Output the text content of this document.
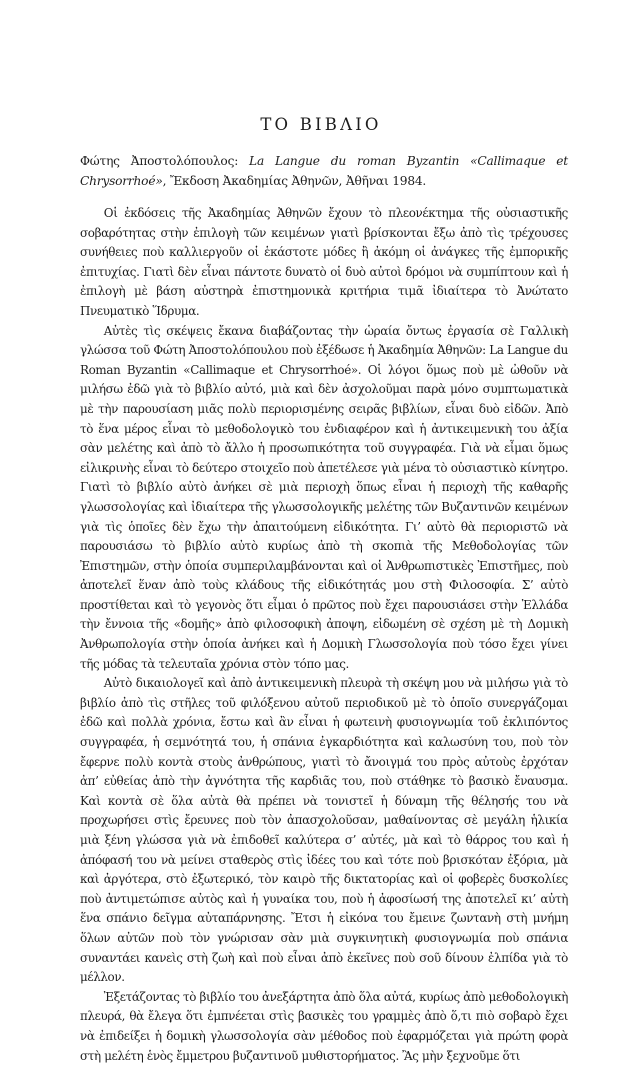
ΤΟ ΒΙΒΛΙΟ

Φώτης Ἀποστολόπουλος: La Langue du roman Byzantin «Callimaque et Chrysorrhoé», Ἔκδοση Ἀκαδημίας Ἀθηνῶν, Ἀθῆναι 1984.

Οἱ ἐκδόσεις τῆς Ἀκαδημίας Ἀθηνῶν ἔχουν τὸ πλεονέκτημα τῆς οὐσιαστικῆς σοβαρότητας στὴν ἐπιλογὴ τῶν κειμένων γιατὶ βρίσκονται ἔξω ἀπὸ τὶς τρέχουσες συνήθειες ποὺ καλλιεργοῦν οἱ ἑκάστοτε μόδες ἢ ἀκόμη οἱ ἀνάγκες τῆς ἐμπορικῆς ἐπιτυχίας. Γιατὶ δὲν εἶναι πάντοτε δυνατὸ οἱ δυὸ αὐτοὶ δρόμοι νὰ συμπίπτουν καὶ ἡ ἐπιλογὴ μὲ βάση αὐστηρὰ ἐπιστημονικὰ κριτήρια τιμᾶ ἰδιαίτερα τὸ Ἀνώτατο Πνευματικὸ Ἵδρυμα.

Αὐτὲς τὶς σκέψεις ἔκανα διαβάζοντας τὴν ὡραία ὄντως ἐργασία σὲ Γαλλικὴ γλώσσα τοῦ Φώτη Ἀποστολόπουλου ποὺ ἐξέδωσε ἡ Ἀκαδημία Ἀθηνῶν: La Langue du Roman Byzantin «Callimaque et Chrysorrhoé». Οἱ λόγοι ὅμως ποὺ μὲ ὠθοῦν νὰ μιλήσω ἐδῶ γιὰ τὸ βιβλίο αὐτό, μιὰ καὶ δὲν ἀσχολοῦμαι παρὰ μόνο συμπτωματικὰ μὲ τὴν παρουσίαση μιᾶς πολὺ περιορισμένης σειρᾶς βιβλίων, εἶναι δυὸ εἰδῶν. Ἀπὸ τὸ ἕνα μέρος εἶναι τὸ μεθοδολογικὸ του ἐνδιαφέρον καὶ ἡ ἀντικειμενικὴ του ἀξία σὰν μελέτης καὶ ἀπὸ τὸ ἄλλο ἡ προσωπικότητα τοῦ συγγραφέα. Γιὰ νὰ εἶμαι ὅμως εἰλικρινὴς εἶναι τὸ δεύτερο στοιχεῖο ποὺ ἀπετέλεσε γιὰ μένα τὸ οὐσιαστικὸ κίνητρο. Γιατὶ τὸ βιβλίο αὐτὸ ἀνήκει σὲ μιὰ περιοχὴ ὅπως εἶναι ἡ περιοχὴ τῆς καθαρῆς γλωσσολογίας καὶ ἰδιαίτερα τῆς γλωσσολογικῆς μελέτης τῶν Βυζαντινῶν κειμένων γιὰ τὶς ὁποῖες δὲν ἔχω τὴν ἀπαιτούμενη εἰδικότητα. Γι’ αὐτὸ θὰ περιοριστῶ νὰ παρουσιάσω τὸ βιβλίο αὐτὸ κυρίως ἀπὸ τὴ σκοπιὰ τῆς Μεθοδολογίας τῶν Ἐπιστημῶν, στὴν ὁποία συμπεριλαμβάνονται καὶ οἱ Ἀνθρωπιστικὲς Ἐπιστῆμες, ποὺ ἀποτελεῖ ἕναν ἀπὸ τοὺς κλάδους τῆς εἰδικότητάς μου στὴ Φιλοσοφία. Σ’ αὐτὸ προστίθεται καὶ τὸ γεγονὸς ὅτι εἶμαι ὁ πρῶτος ποὺ ἔχει παρουσιάσει στὴν Ἑλλάδα τὴν ἔννοια τῆς «δομῆς» ἀπὸ φιλοσοφικὴ ἀποψη, εἰδωμένη σὲ σχέση μὲ τὴ Δομικὴ Ἀνθρωπολογία στὴν ὁποία ἀνήκει καὶ ἡ Δομικὴ Γλωσσολογία ποὺ τόσο ἔχει γίνει τῆς μόδας τὰ τελευταῖα χρόνια στὸν τόπο μας.

Αὐτὸ δικαιολογεῖ καὶ ἀπὸ ἀντικειμενικὴ πλευρὰ τὴ σκέψη μου νὰ μιλήσω γιὰ τὸ βιβλίο ἀπὸ τὶς στῆλες τοῦ φιλόξενου αὐτοῦ περιοδικοῦ μὲ τὸ ὁποῖο συνεργάζομαι ἐδῶ καὶ πολλὰ χρόνια, ἔστω καὶ ἂν εἶναι ἡ φωτεινὴ φυσιογνωμία τοῦ ἐκλιπόντος συγγραφέα, ἡ σεμνότητά του, ἡ σπάνια ἐγκαρδιότητα καὶ καλωσύνη του, ποὺ τὸν ἔφερνε πολὺ κοντὰ στοὺς ἀνθρώπους, γιατὶ τὸ ἄνοιγμά του πρὸς αὐτοὺς ἐρχόταν ἀπ’ εὐθείας ἀπὸ τὴν ἀγνότητα τῆς καρδιᾶς του, ποὺ στάθηκε τὸ βασικὸ ἔναυσμα. Καὶ κοντὰ σὲ ὅλα αὐτὰ θὰ πρέπει νὰ τονιστεῖ ἡ δύναμη τῆς θέλησής του νὰ προχωρήσει στὶς ἔρευνες ποὺ τὸν ἀπασχολοῦσαν, μαθαίνοντας σὲ μεγάλη ἡλικία μιὰ ξένη γλώσσα γιὰ νὰ ἐπιδοθεῖ καλύτερα σ’ αὐτές, μὰ καὶ τὸ θάρρος του καὶ ἡ ἀπόφασή του νὰ μείνει σταθερὸς στὶς ἰδέες του καὶ τότε ποὺ βρισκόταν ἐξόρια, μὰ καὶ ἀργότερα, στὸ ἐξωτερικό, τὸν καιρὸ τῆς δικτατορίας καὶ οἱ φοβερὲς δυσκολίες ποὺ ἀντιμετώπισε αὐτὸς καὶ ἡ γυναίκα του, ποὺ ἡ ἀφοσίωσή της ἀποτελεῖ κι’ αὐτὴ ἕνα σπάνιο δεῖγμα αὐταπάρνησης. Ἔτσι ἡ εἰκόνα του ἔμεινε ζωντανὴ στὴ μνήμη ὅλων αὐτῶν ποὺ τὸν γνώρισαν σὰν μιὰ συγκινητικὴ φυσιογνωμία ποὺ σπάνια συναντάει κανεὶς στὴ ζωὴ καὶ ποὺ εἶναι ἀπὸ ἐκεῖνες ποὺ σοῦ δίνουν ἐλπίδα γιὰ τὸ μέλλον.

Ἐξετάζοντας τὸ βιβλίο του ἀνεξάρτητα ἀπὸ ὅλα αὐτά, κυρίως ἀπὸ μεθοδολογικὴ πλευρά, θὰ ἔλεγα ὅτι ἐμπνέεται στὶς βασικὲς του γραμμὲς ἀπὸ ὅ,τι πιὸ σοβαρὸ ἔχει νὰ ἐπιδείξει ἡ δομικὴ γλωσσολογία σὰν μέθοδος ποὺ ἐφαρμόζεται γιὰ πρώτη φορὰ στὴ μελέτη ἑνὸς ἔμμετρου βυζαντινοῦ μυθιστορήματος. Ἂς μὴν ξεχνοῦμε ὅτι
